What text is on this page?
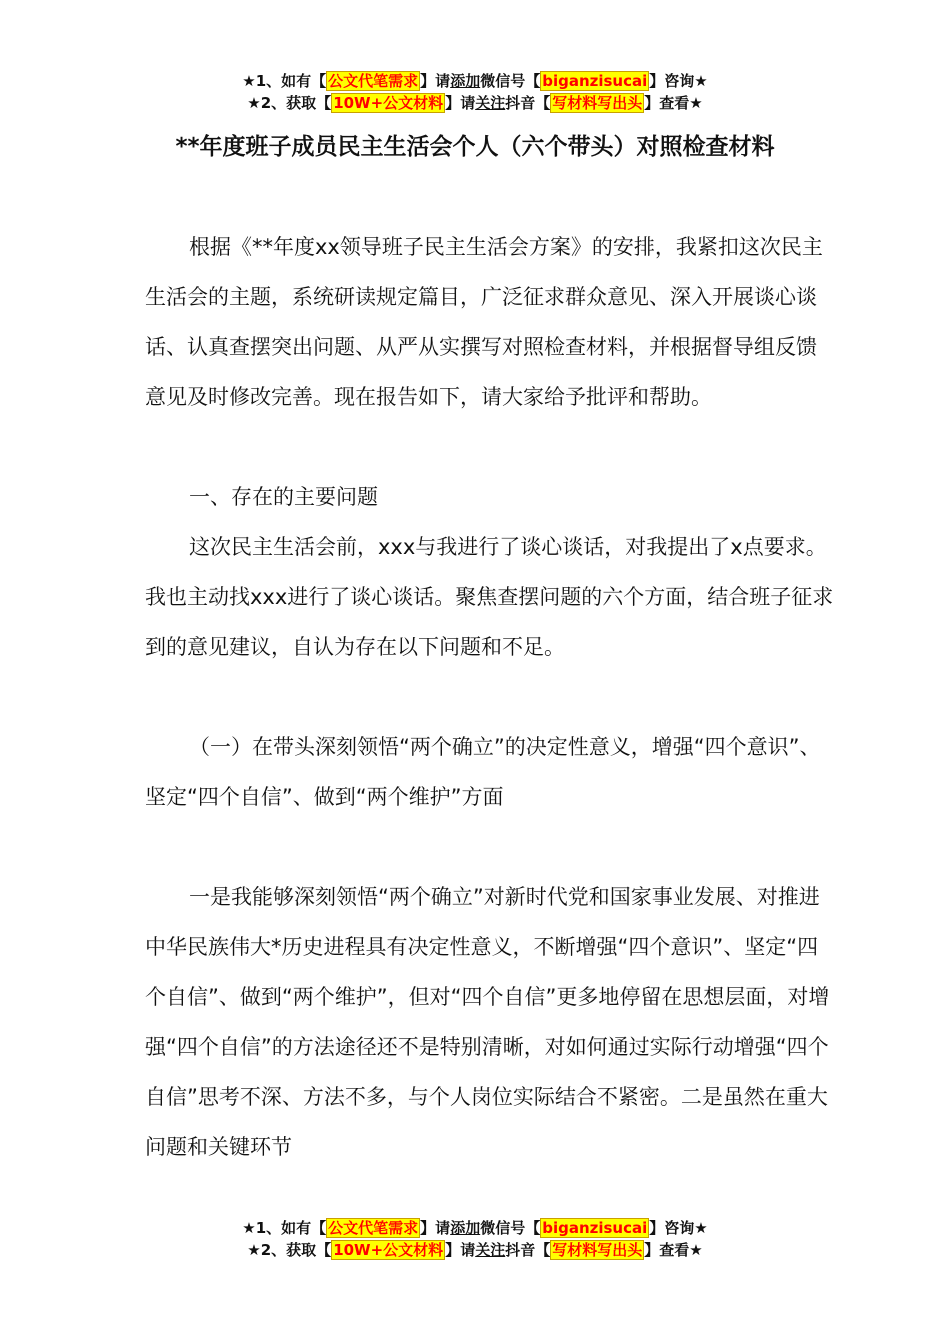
★1、如有【 公文代笔需求 】请添加微信号【 biganzisucai 】咨询★
★2、获取【 10W+公文材料 】请关注抖音【 写材料写出头 】查看★
**年度班子成员民主生活会个人（六个带头）对照检查材料

根据《**年度xx领导班子民主生活会方案》的安排，我紧扣这次民主生活会的主题，系统研读规定篇目，广泛征求群众意见、深入开展谈心谈话、认真查摆突出问题、从严从实撰写对照检查材料，并根据督导组反馈意见及时修改完善。现在报告如下，请大家给予批评和帮助。

一、存在的主要问题

这次民主生活会前，xxx与我进行了谈心谈话，对我提出了x点要求。我也主动找xxx进行了谈心谈话。聚焦查摆问题的六个方面，结合班子征求到的意见建议，自认为存在以下问题和不足。

（一）在带头深刻领悟“两个确立”的决定性意义，增强“四个意识”、坚定“四个自信”、做到“两个维护”方面

一是我能够深刻领悟“两个确立”对新时代党和国家事业发展、对推进中华民族伟大*历史进程具有决定性意义，不断增强“四个意识”、坚定“四个自信”、做到“两个维护”，但对“四个自信”更多地停留在思想层面，对增强“四个自信”的方法途径还不是特别清晰，对如何通过实际行动增强“四个自信”思考不深、方法不多，与个人岗位实际结合不紧密。二是虽然在重大问题和关键环节

★1、如有【 公文代笔需求 】请添加微信号【 biganzisucai 】咨询★
★2、获取【 10W+公文材料 】请关注抖音【 写材料写出头 】查看★
